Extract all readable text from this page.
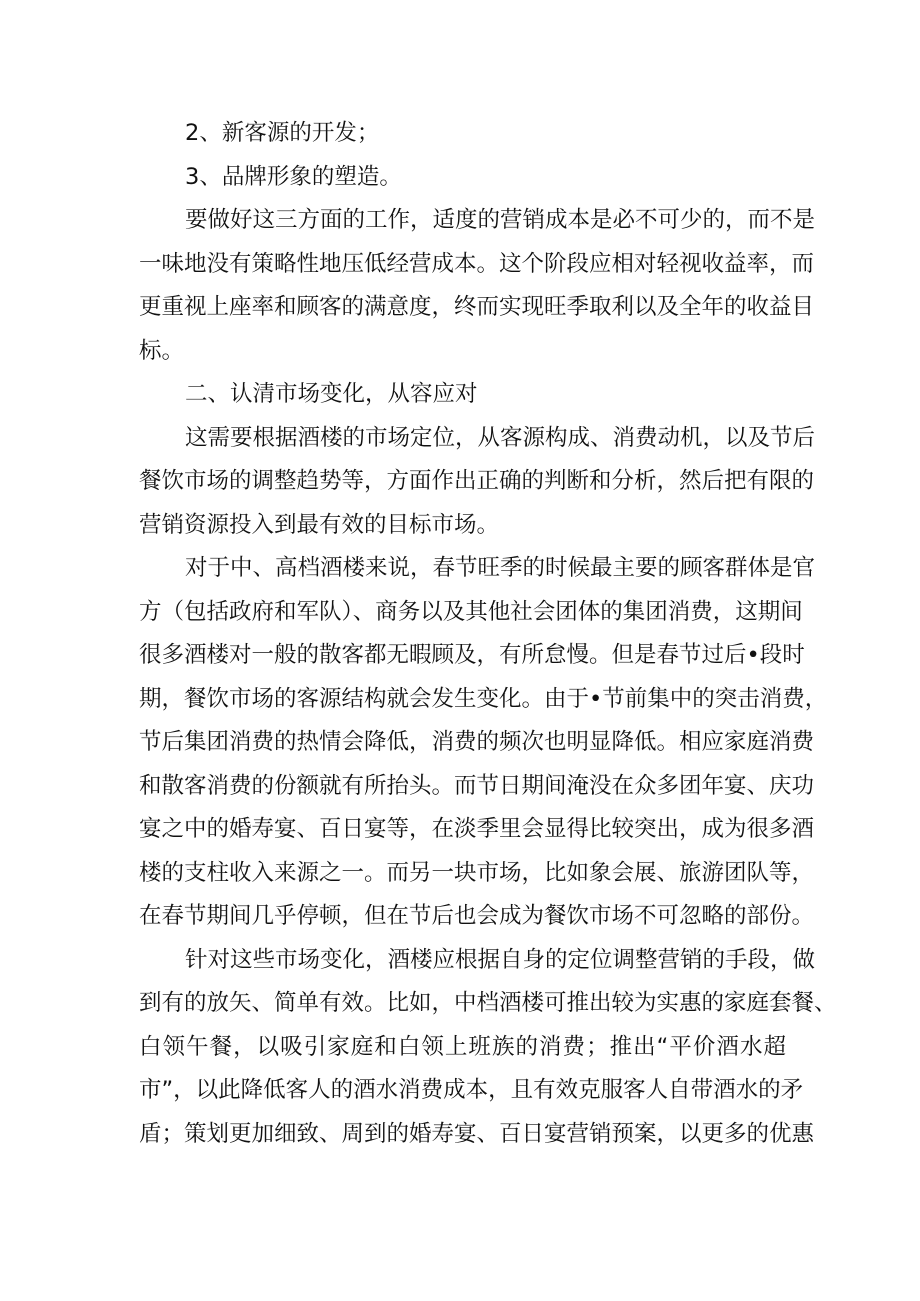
2、新客源的开发；
3、品牌形象的塑造。
要做好这三方面的工作，适度的营销成本是必不可少的，而不是
一味地没有策略性地压低经营成本。这个阶段应相对轻视收益率，而
更重视上座率和顾客的满意度，终而实现旺季取利以及全年的收益目
标。
二、认清市场变化，从容应对
这需要根据酒楼的市场定位，从客源构成、消费动机，以及节后
餐饮市场的调整趋势等，方面作出正确的判断和分析，然后把有限的
营销资源投入到最有效的目标市场。
对于中、高档酒楼来说，春节旺季的时候最主要的顾客群体是官
方（包括政府和军队）、商务以及其他社会团体的集团消费，这期间
很多酒楼对一般的散客都无暇顾及，有所怠慢。但是春节过后•段时
期，餐饮市场的客源结构就会发生变化。由于•节前集中的突击消费，
节后集团消费的热情会降低，消费的频次也明显降低。相应家庭消费
和散客消费的份额就有所抬头。而节日期间淹没在众多团年宴、庆功
宴之中的婚寿宴、百日宴等，在淡季里会显得比较突出，成为很多酒
楼的支柱收入来源之一。而另一块市场，比如象会展、旅游团队等，
在春节期间几乎停顿，但在节后也会成为餐饮市场不可忽略的部份。
针对这些市场变化，酒楼应根据自身的定位调整营销的手段，做
到有的放矢、简单有效。比如，中档酒楼可推出较为实惠的家庭套餐、
白领午餐，以吸引家庭和白领上班族的消费；推出“平价酒水超
市”，以此降低客人的酒水消费成本，且有效克服客人自带酒水的矛
盾；策划更加细致、周到的婚寿宴、百日宴营销预案，以更多的优惠
